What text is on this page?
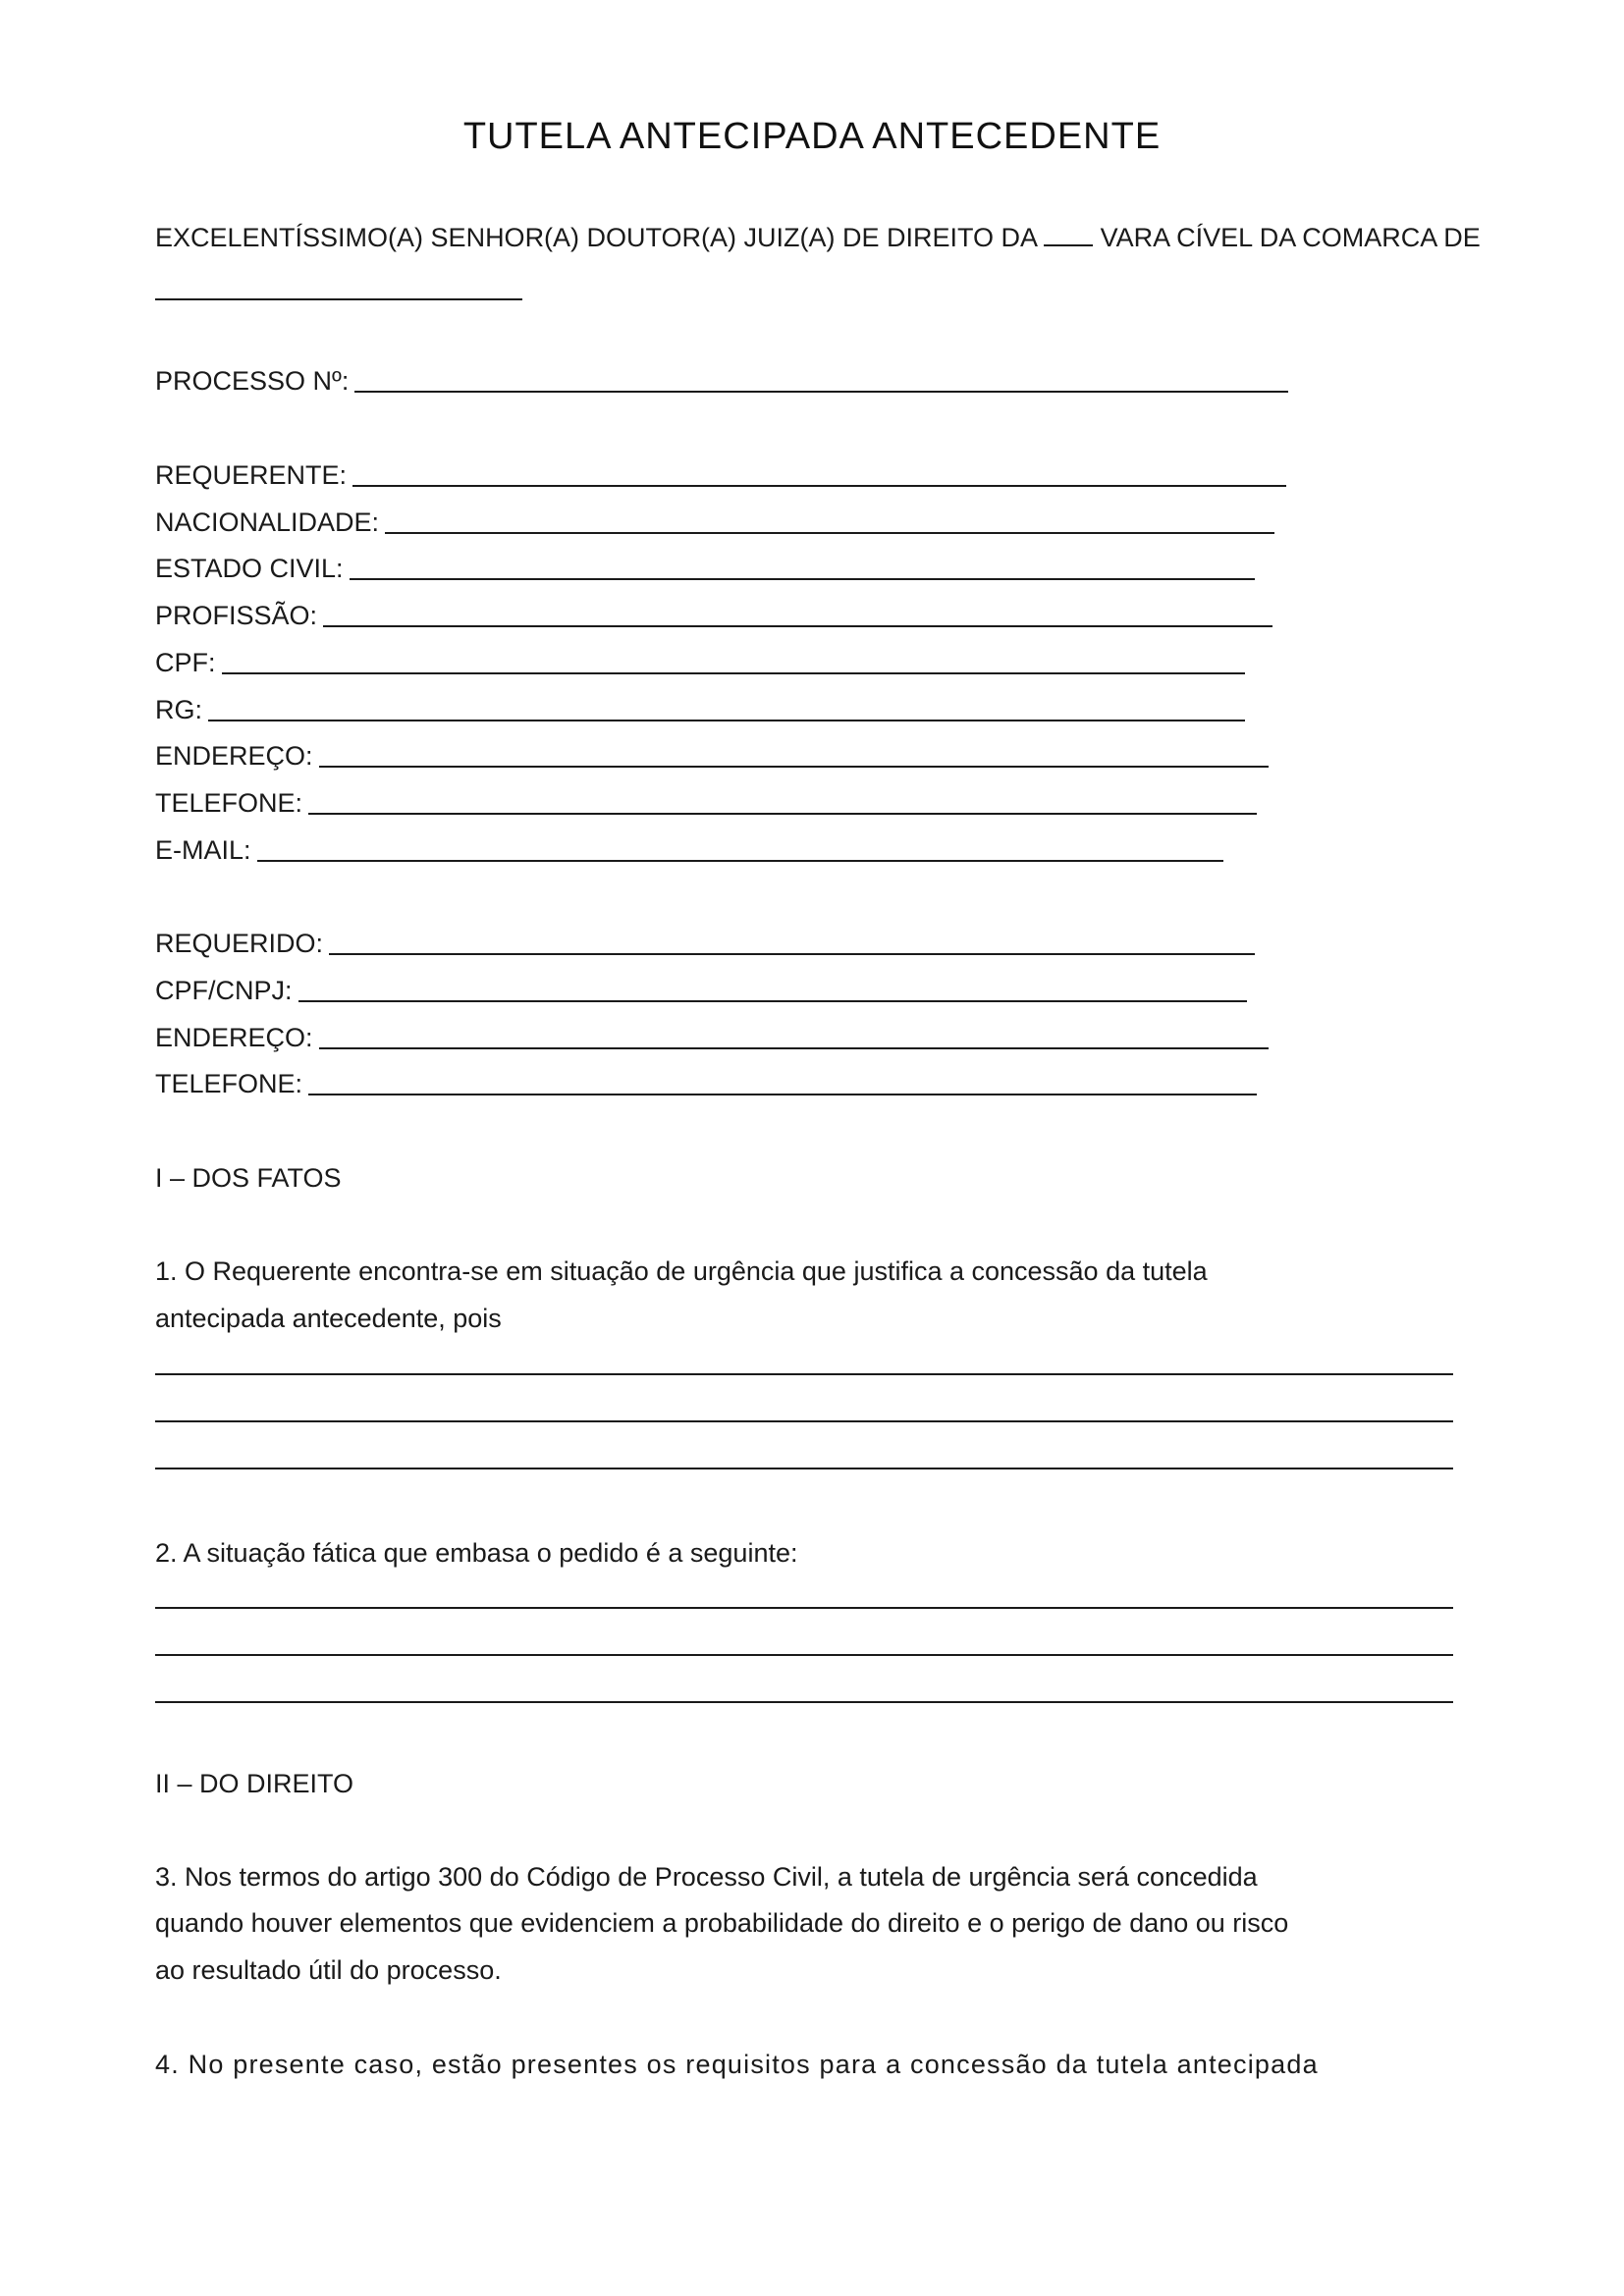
TUTELA ANTECIPADA ANTECEDENTE
EXCELENTÍSSIMO(A) SENHOR(A) DOUTOR(A) JUIZ(A) DE DIREITO DA VARA CÍVEL DA COMARCA DE
PROCESSO Nº:
REQUERENTE:
NACIONALIDADE:
ESTADO CIVIL:
PROFISSÃO:
CPF:
RG:
ENDEREÇO:
TELEFONE:
E-MAIL:
REQUERIDO:
CPF/CNPJ:
ENDEREÇO:
TELEFONE:
I – DOS FATOS
1. O Requerente encontra-se em situação de urgência que justifica a concessão da tutela
antecipada antecedente, pois
2. A situação fática que embasa o pedido é a seguinte:
II – DO DIREITO
3. Nos termos do artigo 300 do Código de Processo Civil, a tutela de urgência será concedida
quando houver elementos que evidenciem a probabilidade do direito e o perigo de dano ou risco
ao resultado útil do processo.
4. No presente caso, estão presentes os requisitos para a concessão da tutela antecipada
